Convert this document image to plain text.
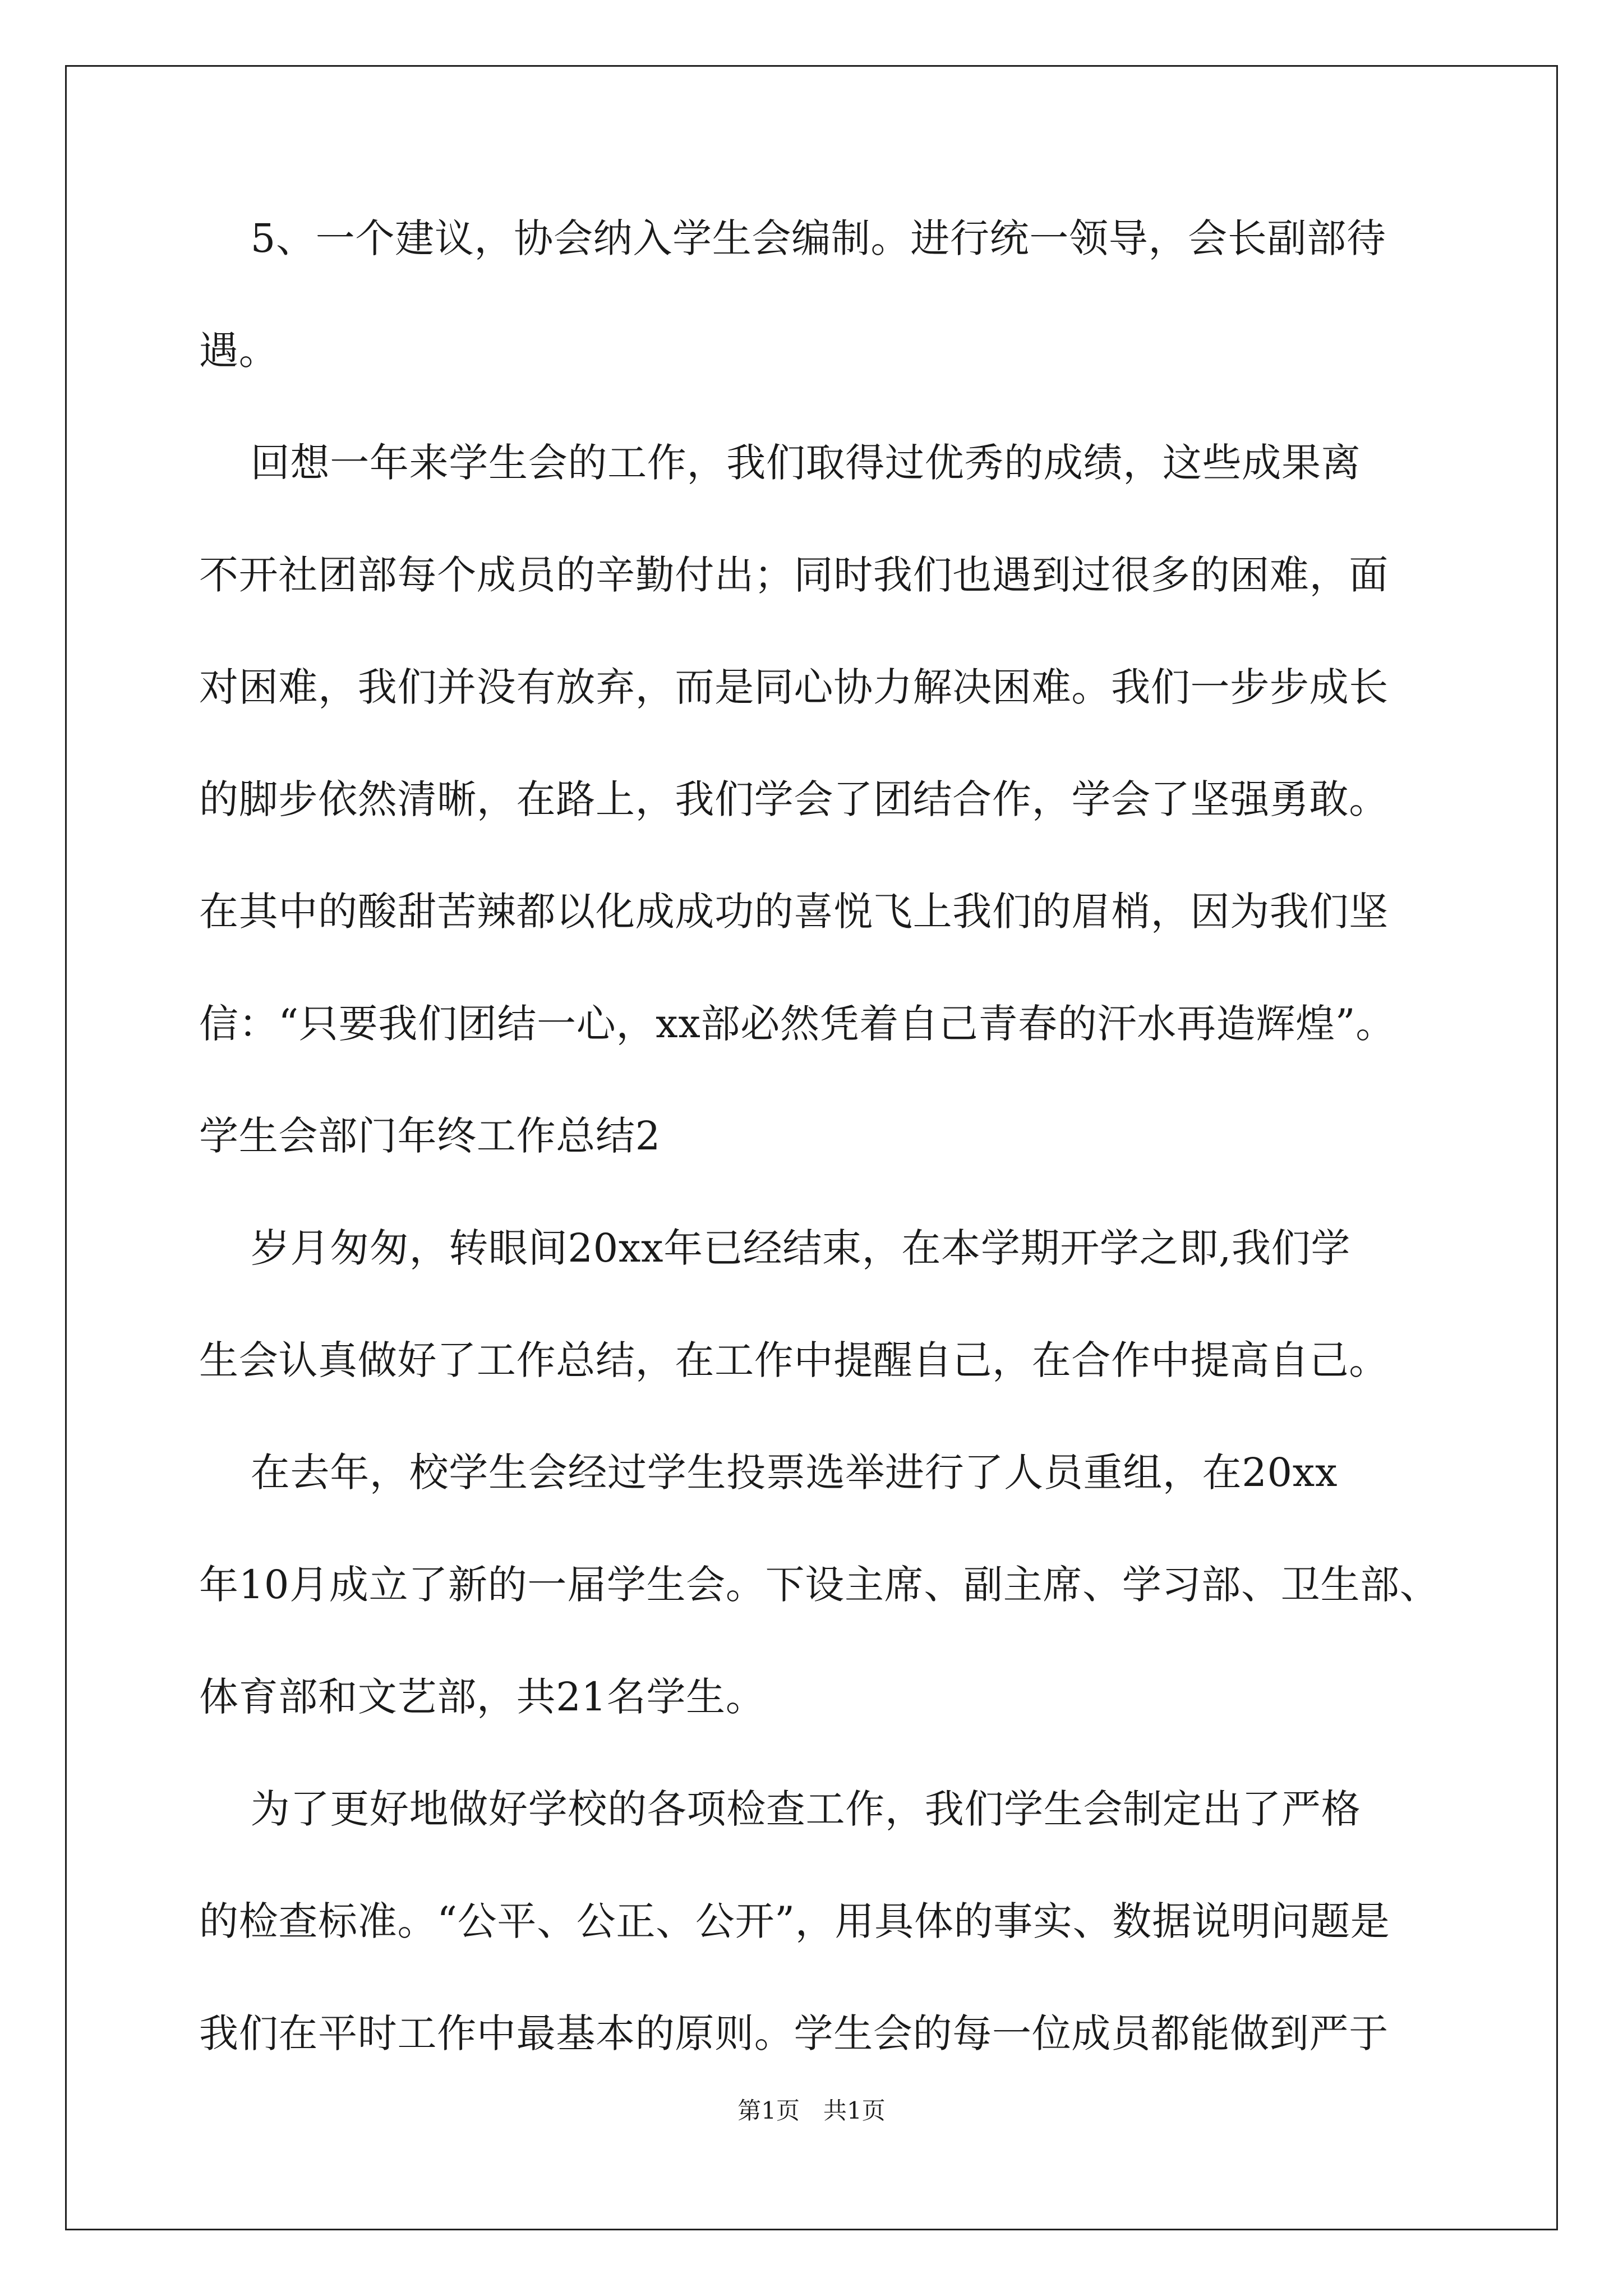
5、一个建议，协会纳入学生会编制。进行统一领导，会长副部待
遇。
回想一年来学生会的工作，我们取得过优秀的成绩，这些成果离
不开社团部每个成员的辛勤付出；同时我们也遇到过很多的困难，面
对困难，我们并没有放弃，而是同心协力解决困难。我们一步步成长
的脚步依然清晰，在路上，我们学会了团结合作，学会了坚强勇敢。
在其中的酸甜苦辣都以化成成功的喜悦飞上我们的眉梢，因为我们坚
信：“只要我们团结一心，xx部必然凭着自己青春的汗水再造辉煌”。
学生会部门年终工作总结2
岁月匆匆，转眼间20xx年已经结束，在本学期开学之即,我们学
生会认真做好了工作总结，在工作中提醒自己，在合作中提高自己。
在去年，校学生会经过学生投票选举进行了人员重组，在20xx
年10月成立了新的一届学生会。下设主席、副主席、学习部、卫生部、
体育部和文艺部，共21名学生。
为了更好地做好学校的各项检查工作，我们学生会制定出了严格
的检查标准。“公平、公正、公开”，用具体的事实、数据说明问题是
我们在平时工作中最基本的原则。学生会的每一位成员都能做到严于
第1页　共1页
